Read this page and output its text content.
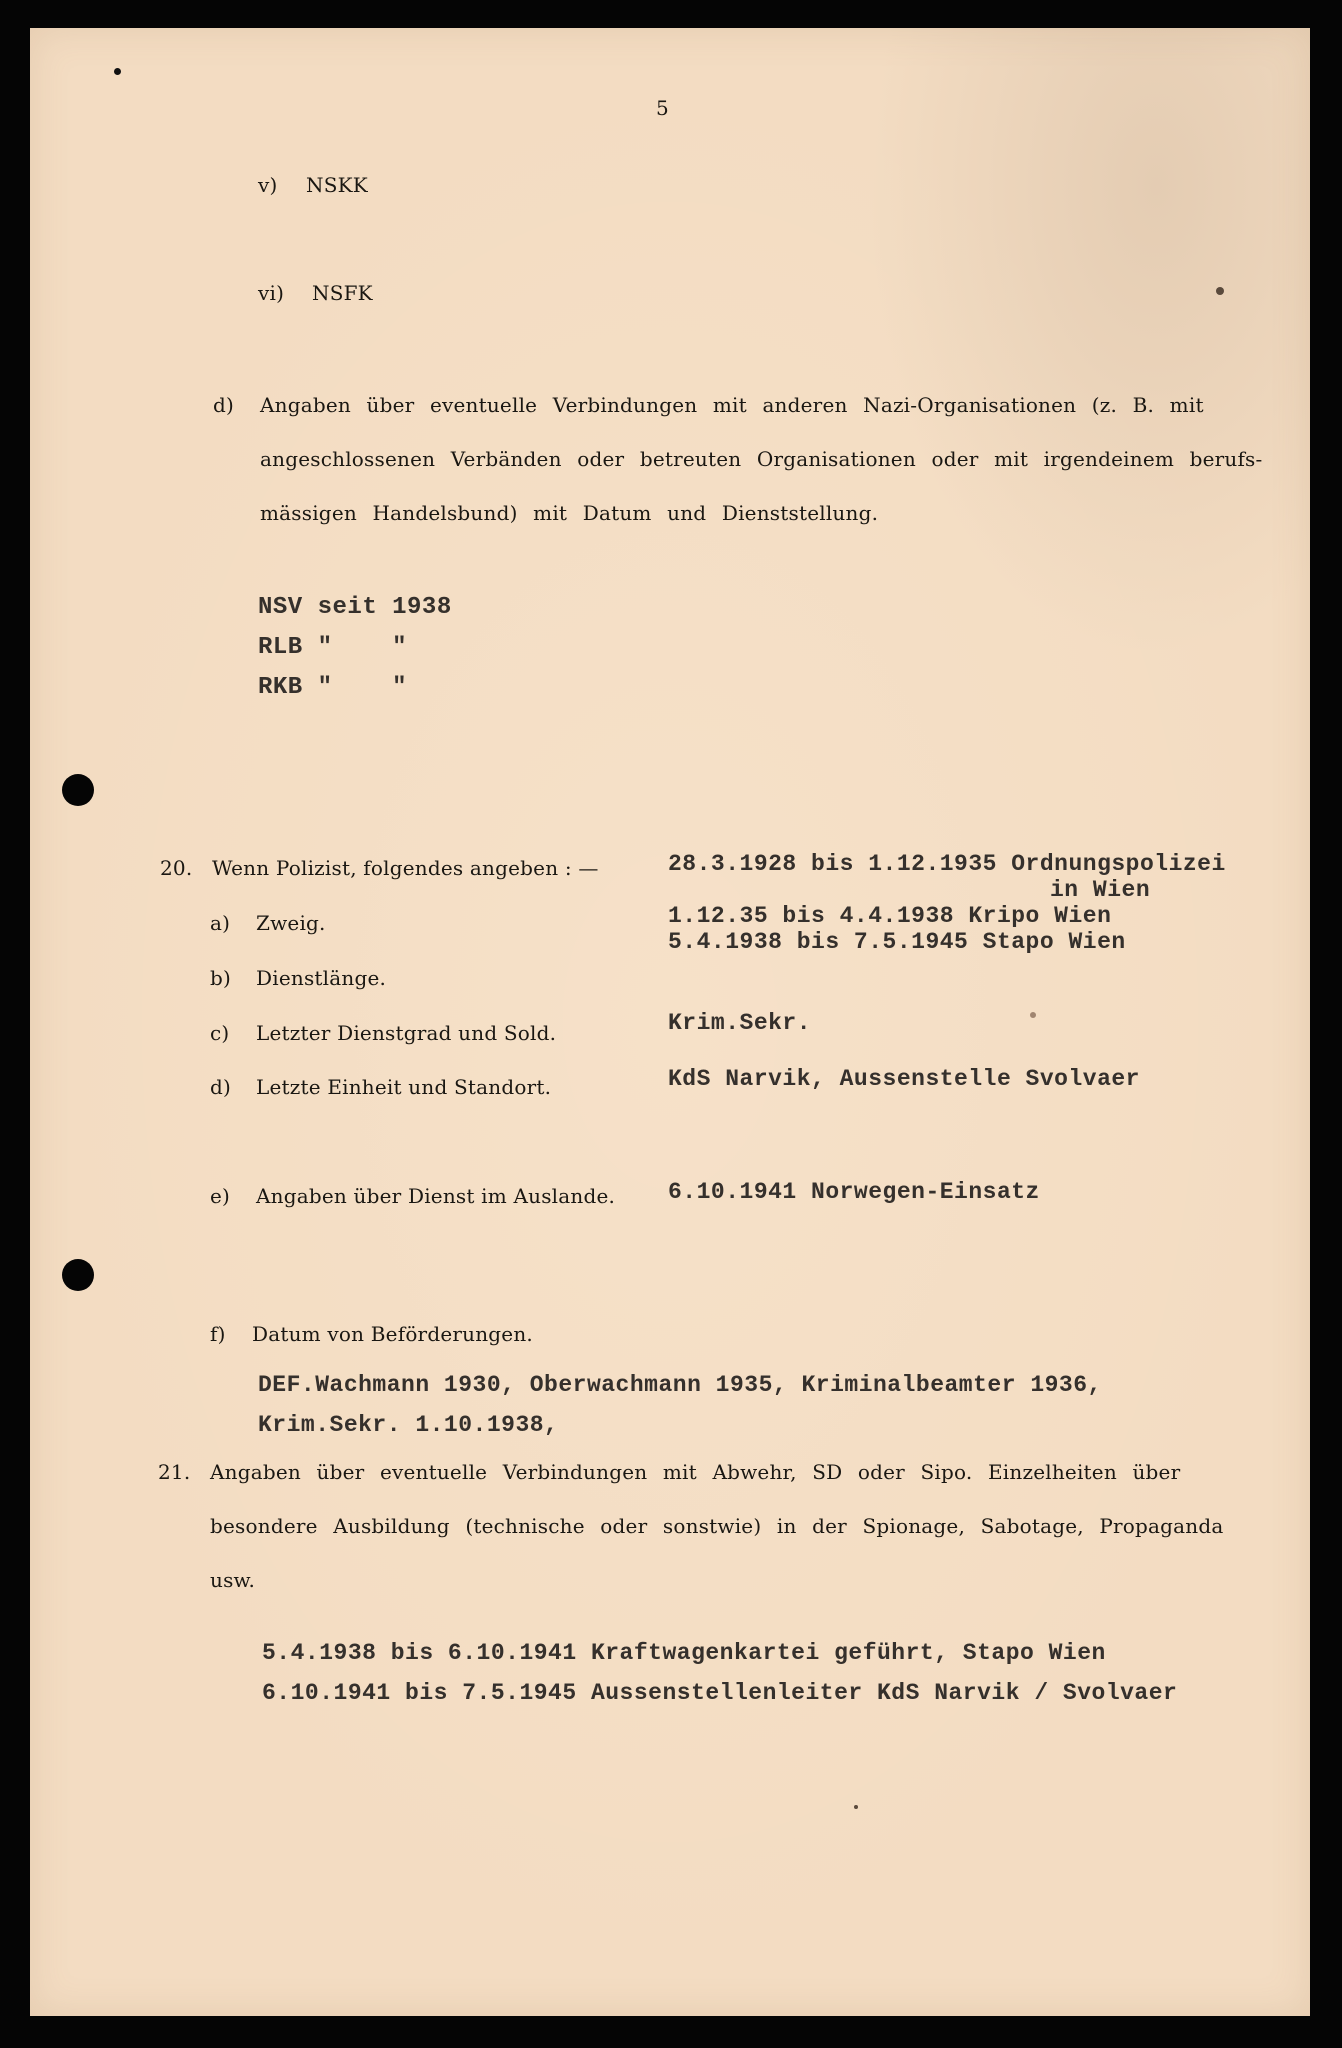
5
v) NSKK
vi) NSFK
d) Angaben über eventuelle Verbindungen mit anderen Nazi-Organisationen (z. B. mit
angeschlossenen Verbänden oder betreuten Organisationen oder mit irgendeinem berufs-
mässigen Handelsbund) mit Datum und Dienststellung.
NSV seit 1938
RLB "    "
RKB "    "
20. Wenn Polizist, folgendes angeben : —
a) Zweig.
b) Dienstlänge.
c) Letzter Dienstgrad und Sold.
d) Letzte Einheit und Standort.
e) Angaben über Dienst im Auslande.
f) Datum von Beförderungen.
28.3.1928 bis 1.12.1935 Ordnungspolizei
in Wien
1.12.35 bis 4.4.1938 Kripo Wien
5.4.1938 bis 7.5.1945 Stapo Wien
Krim.Sekr.
KdS Narvik, Aussenstelle Svolvaer
6.10.1941 Norwegen-Einsatz
DEF.Wachmann 1930, Oberwachmann 1935, Kriminalbeamter 1936,
Krim.Sekr. 1.10.1938,
21. Angaben über eventuelle Verbindungen mit Abwehr, SD oder Sipo. Einzelheiten über
besondere Ausbildung (technische oder sonstwie) in der Spionage, Sabotage, Propaganda
usw.
5.4.1938 bis 6.10.1941 Kraftwagenkartei geführt, Stapo Wien
6.10.1941 bis 7.5.1945 Aussenstellenleiter KdS Narvik / Svolvaer
